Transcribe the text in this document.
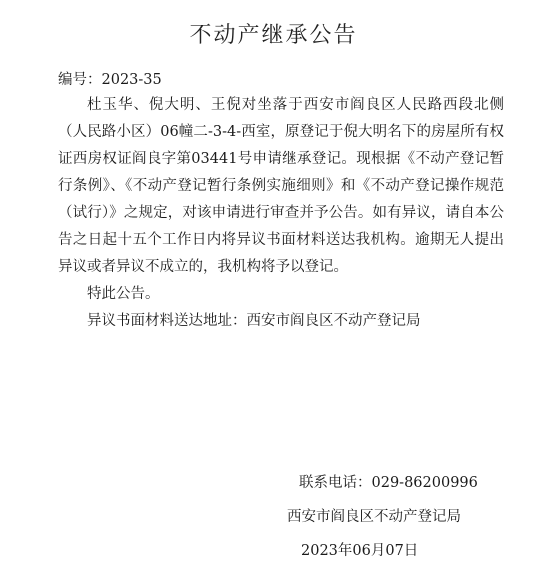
不动产继承公告
编号：2023-35

杜玉华、倪大明、王倪对坐落于西安市阎良区人民路西段北侧（人民路小区）06幢二-3-4-西室，原登记于倪大明名下的房屋所有权证西房权证阎良字第03441号申请继承登记。现根据《不动产登记暂行条例》、《不动产登记暂行条例实施细则》和《不动产登记操作规范（试行）》之规定，对该申请进行审查并予公告。如有异议，请自本公告之日起十五个工作日内将异议书面材料送达我机构。逾期无人提出异议或者异议不成立的，我机构将予以登记。

特此公告。

异议书面材料送达地址：西安市阎良区不动产登记局

联系电话：029-86200996
西安市阎良区不动产登记局
2023年06月07日
